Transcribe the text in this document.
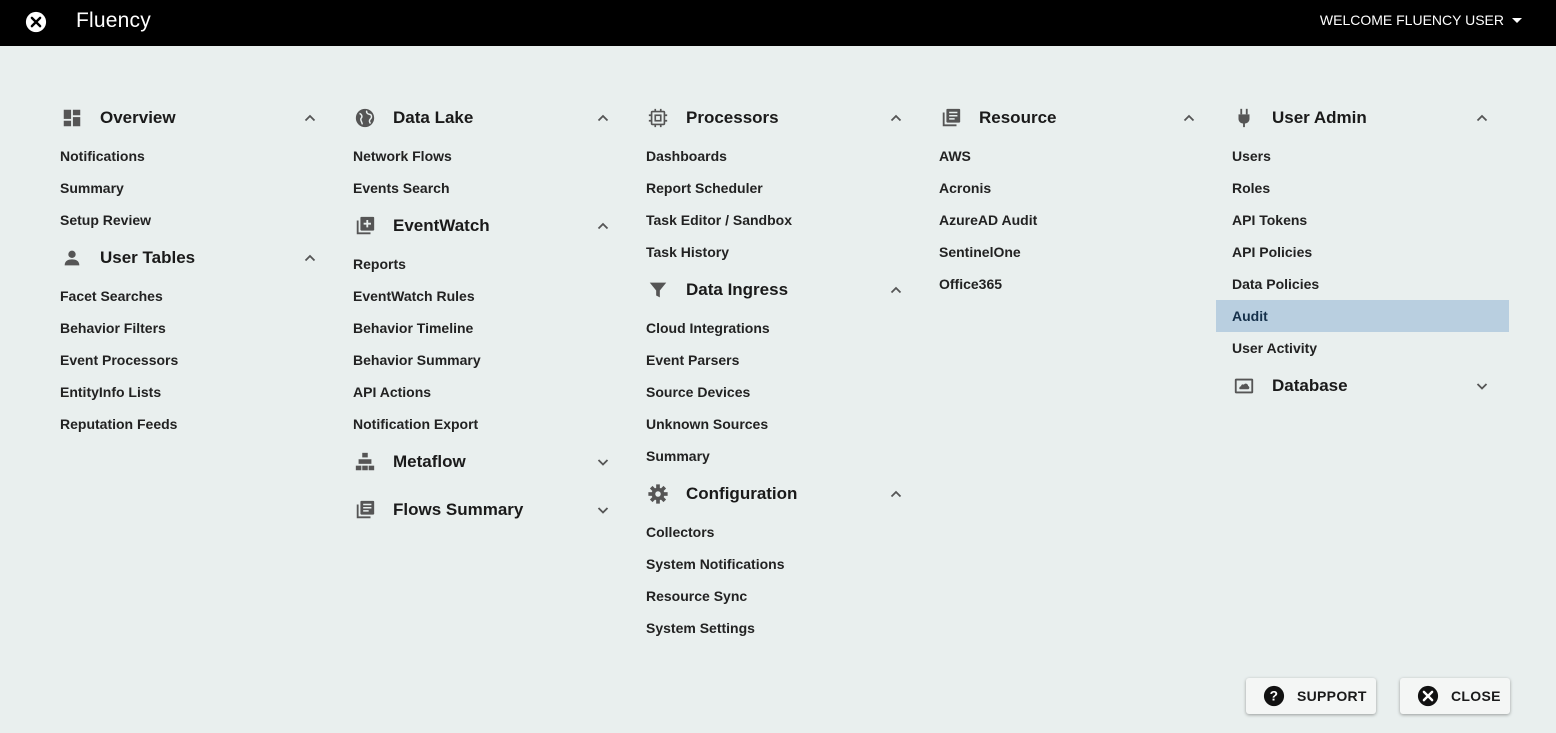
Fluency	WELCOME FLUENCY USER
Overview
Notifications
Summary
Setup Review
User Tables
Facet Searches
Behavior Filters
Event Processors
EntityInfo Lists
Reputation Feeds
Data Lake
Network Flows
Events Search
EventWatch
Reports
EventWatch Rules
Behavior Timeline
Behavior Summary
API Actions
Notification Export
Metaflow
Flows Summary
Processors
Dashboards
Report Scheduler
Task Editor / Sandbox
Task History
Data Ingress
Cloud Integrations
Event Parsers
Source Devices
Unknown Sources
Summary
Configuration
Collectors
System Notifications
Resource Sync
System Settings
Resource
AWS
Acronis
AzureAD Audit
SentinelOne
Office365
User Admin
Users
Roles
API Tokens
API Policies
Data Policies
Audit
User Activity
Database
? SUPPORT	CLOSE
